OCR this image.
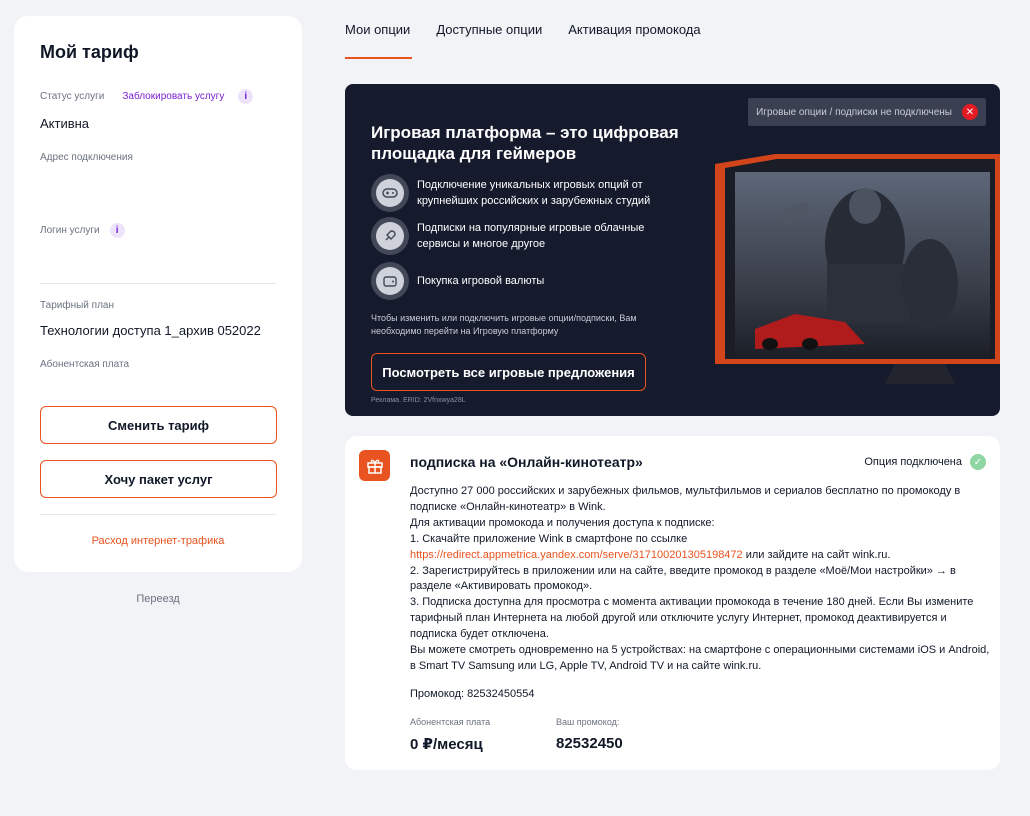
Мой тариф
Статус услуги Заблокировать услугу	i
Активна
Адрес подключения
Логин услуги	i
Тарифный план
Технологии доступа 1_архив 052022
Абонентская плата
Сменить тариф
Хочу пакет услуг
Расход интернет-трафика
Переезд
Мои опции Доступные опции Активация промокода
Игровая платформа – это цифровая площадка для геймеров
Подключение уникальных игровых опций от крупнейших российских и зарубежных студий
Подписки на популярные игровые облачные сервисы и многое другое
Покупка игровой валюты
Чтобы изменить или подключить игровые опции/подписки, Вам необходимо перейти на Игровую платформу
Посмотреть все игровые предложения
Реклама. ERID: 2Vfnxwya28L
Игровые опции / подписки не подключены	✕
подписка на «Онлайн-кинотеатр»	Опция подключена	✓
Доступно 27 000 российских и зарубежных фильмов, мультфильмов и сериалов бесплатно по промокоду в подписке «Онлайн-кинотеатр» в Wink.
Для активации промокода и получения доступа к подписке:
1. Скачайте приложение Wink в смартфоне по ссылке https://redirect.appmetrica.yandex.com/serve/317100201305198472 или зайдите на сайт wink.ru.
2. Зарегистрируйтесь в приложении или на сайте, введите промокод в разделе «Моё/Мои настройки» → в разделе «Активировать промокод».
3. Подписка доступна для просмотра с момента активации промокода в течение 180 дней. Если Вы измените тарифный план Интернета на любой другой или отключите услугу Интернет, промокод деактивируется и подписка будет отключена.
Вы можете смотреть одновременно на 5 устройствах: на смартфоне с операционными системами iOS и Android, в Smart TV Samsung или LG, Apple TV, Android TV и на сайте wink.ru.
Промокод: 82532450554
Абонентская плата
0 ₽/месяц
Ваш промокод:
82532450
